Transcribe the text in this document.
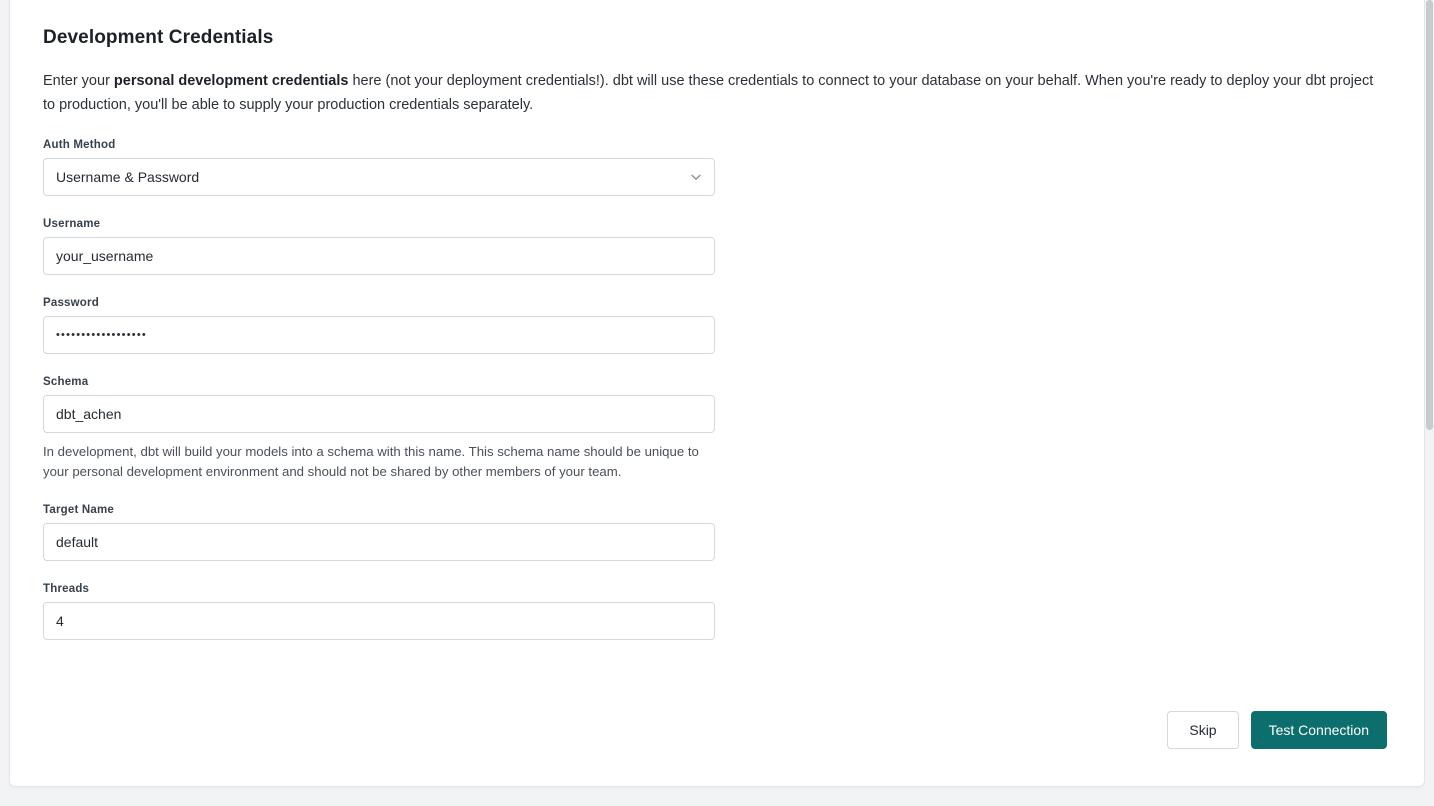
Development Credentials
Enter your personal development credentials here (not your deployment credentials!). dbt will use these credentials to connect to your database on your behalf. When you're ready to deploy your dbt project to production, you'll be able to supply your production credentials separately.
Auth Method
Username & Password
Username
your_username
Password
••••••••••••••••••
Schema
dbt_achen
In development, dbt will build your models into a schema with this name. This schema name should be unique to your personal development environment and should not be shared by other members of your team.
Target Name
default
Threads
4
Skip	Test Connection
